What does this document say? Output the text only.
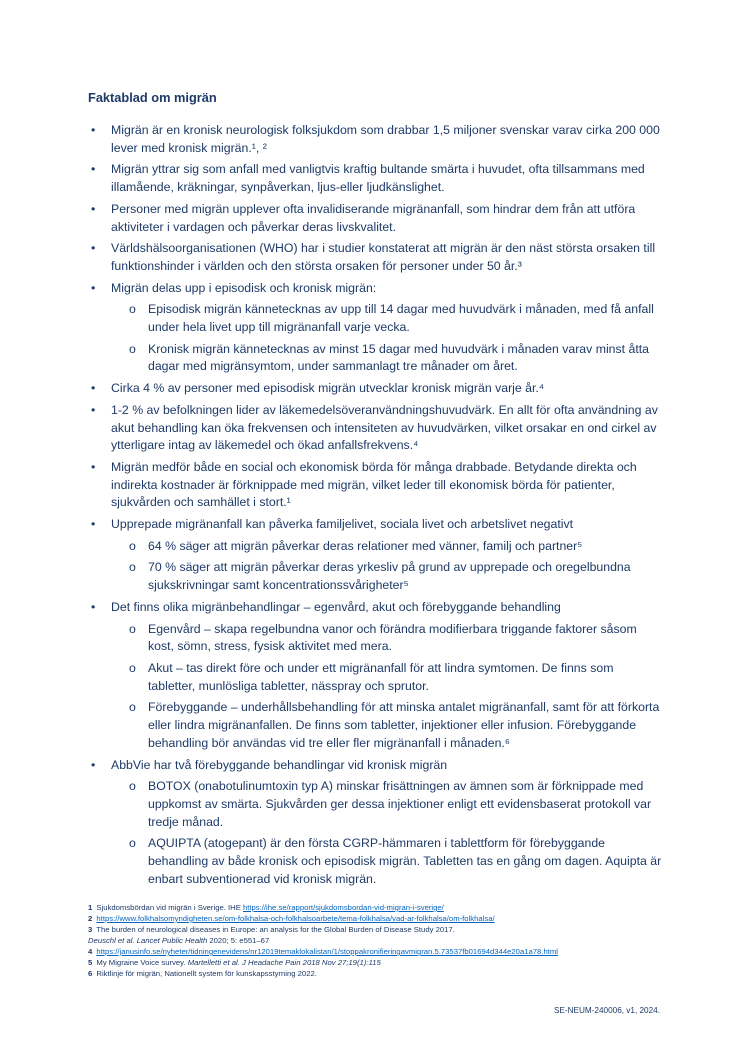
Faktablad om migrän
•	Migrän är en kronisk neurologisk folksjukdom som drabbar 1,5 miljoner svenskar varav cirka 200 000 lever med kronisk migrän.¹, ²
•	Migrän yttrar sig som anfall med vanligtvis kraftig bultande smärta i huvudet, ofta tillsammans med illamående, kräkningar, synpåverkan, ljus-eller ljudkänslighet.
•	Personer med migrän upplever ofta invalidiserande migränanfall, som hindrar dem från att utföra aktiviteter i vardagen och påverkar deras livskvalitet.
•	Världshälsoorganisationen (WHO) har i studier konstaterat att migrän är den näst största orsaken till funktionshinder i världen och den största orsaken för personer under 50 år.³
•	Migrän delas upp i episodisk och kronisk migrän:
o Episodisk migrän kännetecknas av upp till 14 dagar med huvudvärk i månaden, med få anfall under hela livet upp till migränanfall varje vecka.
o Kronisk migrän kännetecknas av minst 15 dagar med huvudvärk i månaden varav minst åtta dagar med migränsymtom, under sammanlagt tre månader om året.
•	Cirka 4 % av personer med episodisk migrän utvecklar kronisk migrän varje år.⁴
•	1-2 % av befolkningen lider av läkemedelsöveranvändningshuvudvärk. En allt för ofta användning av akut behandling kan öka frekvensen och intensiteten av huvudvärken, vilket orsakar en ond cirkel av ytterligare intag av läkemedel och ökad anfallsfrekvens.⁴
•	Migrän medför både en social och ekonomisk börda för många drabbade. Betydande direkta och indirekta kostnader är förknippade med migrän, vilket leder till ekonomisk börda för patienter, sjukvården och samhället i stort.¹
•	Upprepade migränanfall kan påverka familjelivet, sociala livet och arbetslivet negativt
o 64 % säger att migrän påverkar deras relationer med vänner, familj och partner⁵
o 70 % säger att migrän påverkar deras yrkesliv på grund av upprepade och oregelbundna sjukskrivningar samt koncentrationssvårigheter⁵
•	Det finns olika migränbehandlingar – egenvård, akut och förebyggande behandling
o Egenvård – skapa regelbundna vanor och förändra modifierbara triggande faktorer såsom kost, sömn, stress, fysisk aktivitet med mera.
o Akut – tas direkt före och under ett migränanfall för att lindra symtomen. De finns som tabletter, munlösliga tabletter, nässpray och sprutor.
o Förebyggande – underhållsbehandling för att minska antalet migränanfall, samt för att förkorta eller lindra migränanfallen. De finns som tabletter, injektioner eller infusion. Förebyggande behandling bör användas vid tre eller fler migränanfall i månaden.⁶
•	AbbVie har två förebyggande behandlingar vid kronisk migrän
o BOTOX (onabotulinumtoxin typ A) minskar frisättningen av ämnen som är förknippade med uppkomst av smärta. Sjukvården ger dessa injektioner enligt ett evidensbaserat protokoll var tredje månad.
o AQUIPTA (atogepant) är den första CGRP-hämmaren i tablettform för förebyggande behandling av både kronisk och episodisk migrän. Tabletten tas en gång om dagen. Aquipta är enbart subventionerad vid kronisk migrän.
1 Sjukdomsbördan vid migrän i Sverige. IHE https://ihe.se/rapport/sjukdomsbordan-vid-migran-i-sverige/
2 https://www.folkhalsomyndigheten.se/om-folkhalsa-och-folkhalsoarbete/tema-folkhalsa/vad-ar-folkhalsa/om-folkhalsa/
3 The burden of neurological diseases in Europe: an analysis for the Global Burden of Disease Study 2017.
Deuschl et al. Lancet Public Health 2020; 5: e551–67
4 https://janusinfo.se/nyheter/tidningenevidens/nr12019temaklokalistan/1/stoppakronifieringavmigran.5.73537fb01694d344e20a1a78.html
5 My Migraine Voice survey. Martelletti et al. J Headache Pain 2018 Nov 27;19(1):115
6 Riktlinje för migrän, Nationellt system för kunskapsstyrning 2022.
SE-NEUM-240006, v1, 2024.
